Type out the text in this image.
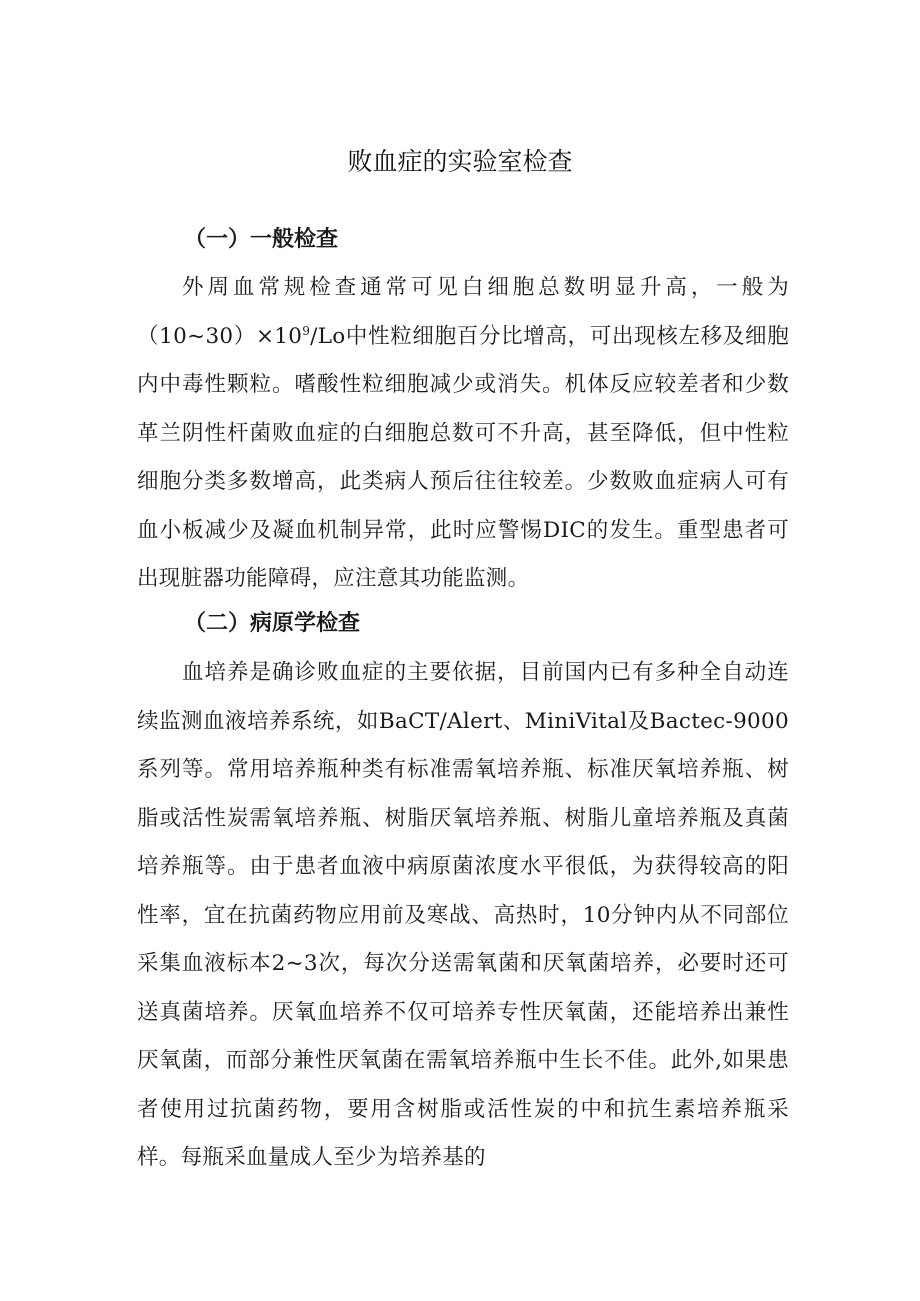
败血症的实验室检查
（一）一般检查

外周血常规检查通常可见白细胞总数明显升高，一般为$(10\sim 30)\times 10^9/Lo$中性粒细胞百分比增高，可出现核左移及细胞内中毒性颗粒。嗜酸性粒细胞减少或消失。机体反应较差者和少数革兰阴性杆菌败血症的白细胞总数可不升高，甚至降低，但中性粒细胞分类多数增高，此类病人预后往往较差。少数败血症病人可有血小板减少及凝血机制异常，此时应警惕DIC的发生。重型患者可出现脏器功能障碍，应注意其功能监测。

（二）病原学检查

血培养是确诊败血症的主要依据，目前国内已有多种全自动连续监测血液培养系统，如BaCT/Alert、MiniVital及Bactec-9000系列等。常用培养瓶种类有标准需氧培养瓶、标准厌氧培养瓶、树脂或活性炭需氧培养瓶、树脂厌氧培养瓶、树脂儿童培养瓶及真菌培养瓶等。由于患者血液中病原菌浓度水平很低，为获得较高的阳性率，宜在抗菌药物应用前及寒战、高热时，10分钟内从不同部位采集血液标本2~3次，每次分送需氧菌和厌氧菌培养，必要时还可送真菌培养。厌氧血培养不仅可培养专性厌氧菌，还能培养出兼性厌氧菌，而部分兼性厌氧菌在需氧培养瓶中生长不佳。此外,如果患者使用过抗菌药物，要用含树脂或活性炭的中和抗生素培养瓶采样。每瓶采血量成人至少为培养基的
